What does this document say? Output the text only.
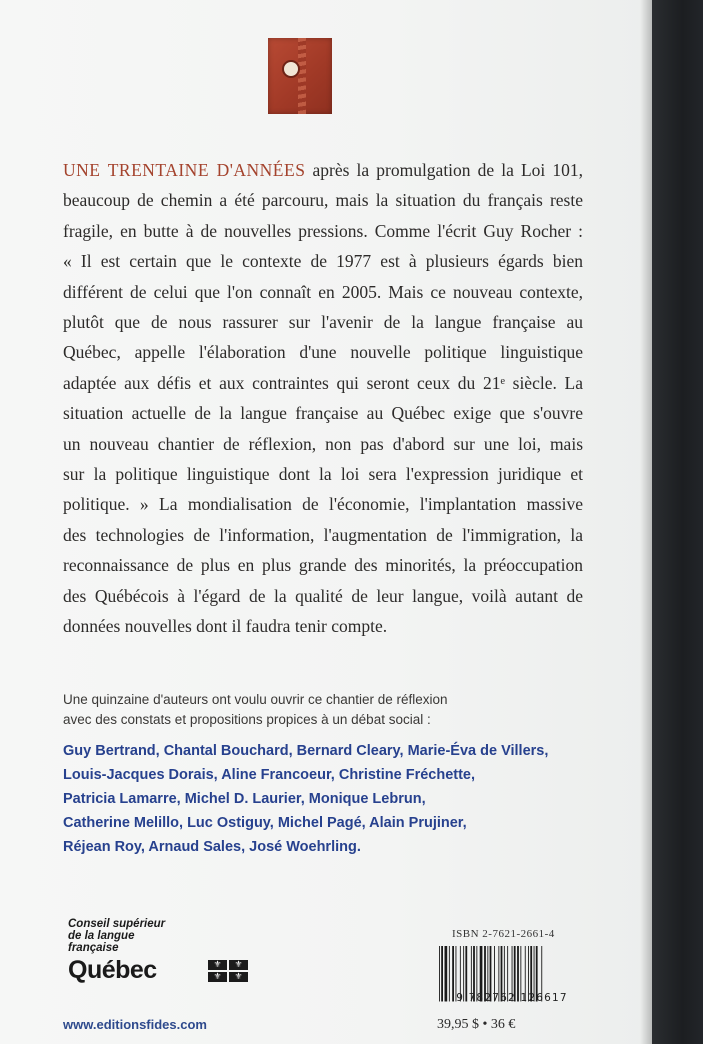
UNE TRENTAINE D'ANNÉES après la promulgation de la Loi 101,
beaucoup de chemin a été parcouru, mais la situation du français reste
fragile, en butte à de nouvelles pressions. Comme l'écrit Guy Rocher :
« Il est certain que le contexte de 1977 est à plusieurs égards bien
différent de celui que l'on connaît en 2005. Mais ce nouveau contexte,
plutôt que de nous rassurer sur l'avenir de la langue française au
Québec, appelle l'élaboration d'une nouvelle politique linguistique
adaptée aux défis et aux contraintes qui seront ceux du 21ᵉ siècle. La
situation actuelle de la langue française au Québec exige que s'ouvre
un nouveau chantier de réflexion, non pas d'abord sur une loi, mais
sur la politique linguistique dont la loi sera l'expression juridique et
politique. » La mondialisation de l'économie, l'implantation massive
des technologies de l'information, l'augmentation de l'immigration, la
reconnaissance de plus en plus grande des minorités, la préoccupation
des Québécois à l'égard de la qualité de leur langue, voilà autant de
données nouvelles dont il faudra tenir compte.

Une quinzaine d'auteurs ont voulu ouvrir ce chantier de réflexion
avec des constats et propositions propices à un débat social :

Guy Bertrand, Chantal Bouchard, Bernard Cleary, Marie-Éva de Villers,
Louis-Jacques Dorais, Aline Francoeur, Christine Fréchette,
Patricia Lamarre, Michel D. Laurier, Monique Lebrun,
Catherine Melillo, Luc Ostiguy, Michel Pagé, Alain Prujiner,
Réjean Roy, Arnaud Sales, José Woehrling.

Conseil supérieur
de la langue
française
Québec	⚜	⚜
⚜	⚜
www.editionsfides.com
ISBN 2-7621-2661-4
9 782762 126617
39,95 $ • 36 €
